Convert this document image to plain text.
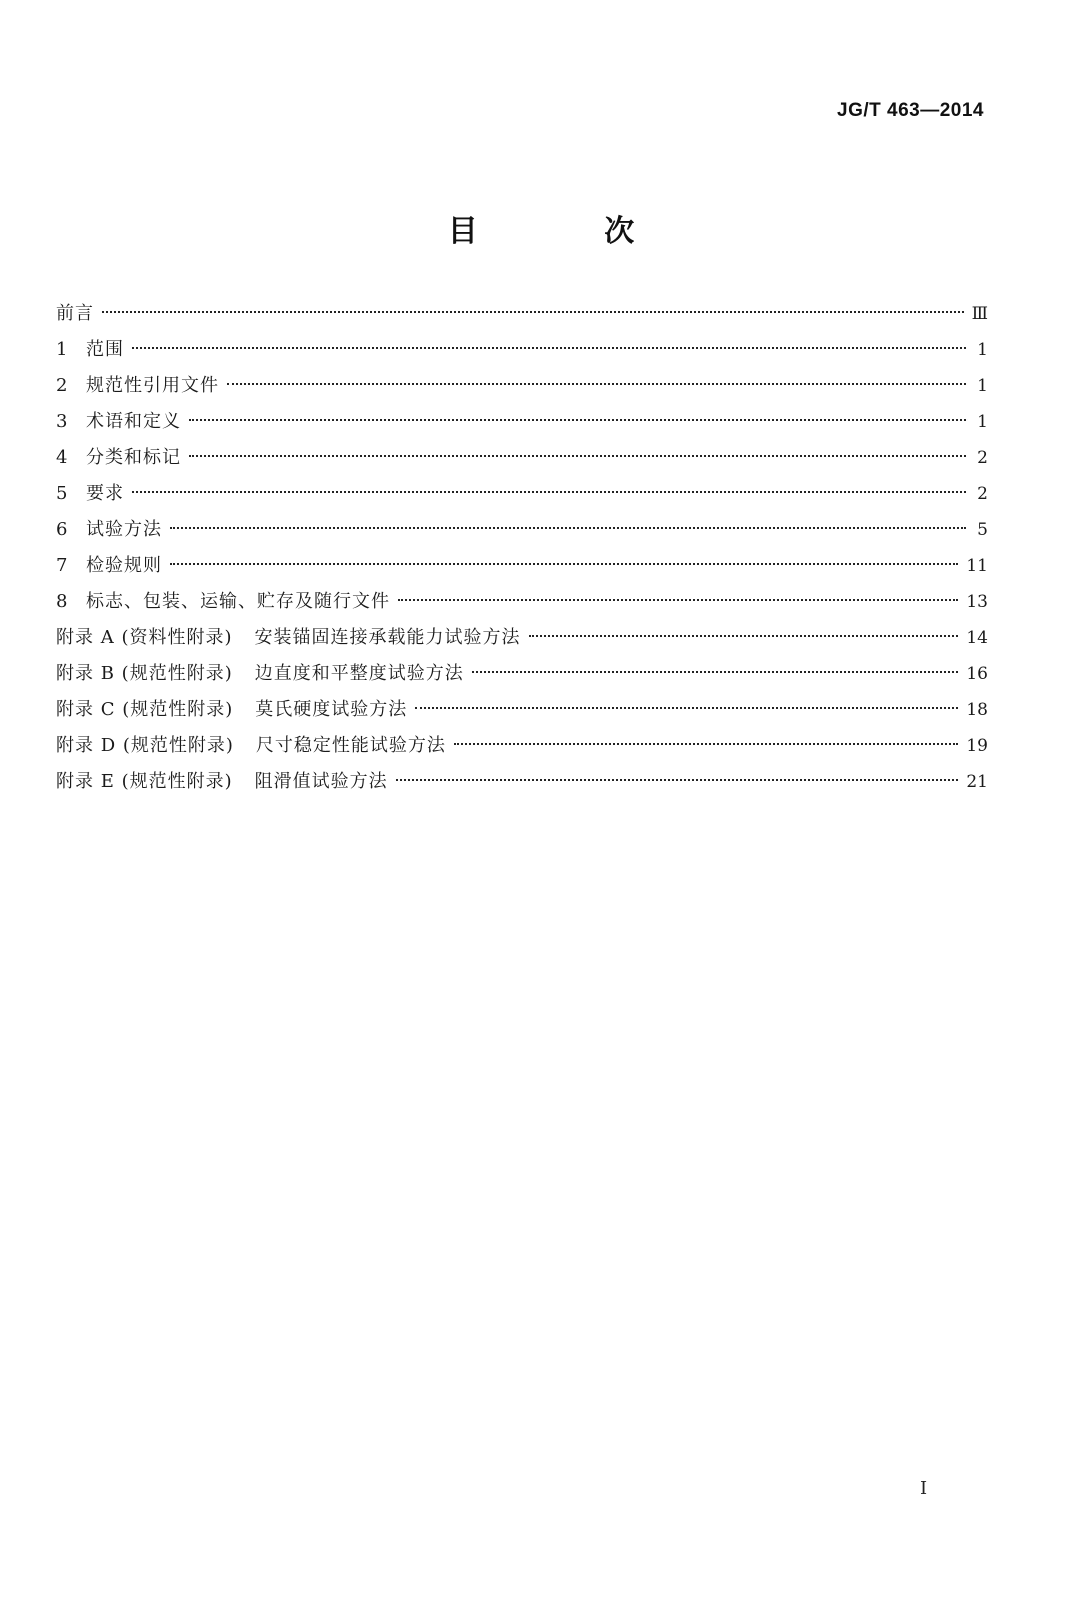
JG/T 463—2014
目 次
前言	Ⅲ
1	范围	1
2	规范性引用文件	1
3	术语和定义	1
4	分类和标记	2
5	要求	2
6	试验方法	5
7	检验规则	11
8	标志、包装、运输、贮存及随行文件	13
附录 A (资料性附录) 安装锚固连接承载能力试验方法	14
附录 B (规范性附录) 边直度和平整度试验方法	16
附录 C (规范性附录) 莫氏硬度试验方法	18
附录 D (规范性附录) 尺寸稳定性能试验方法	19
附录 E (规范性附录) 阻滑值试验方法	21
I
